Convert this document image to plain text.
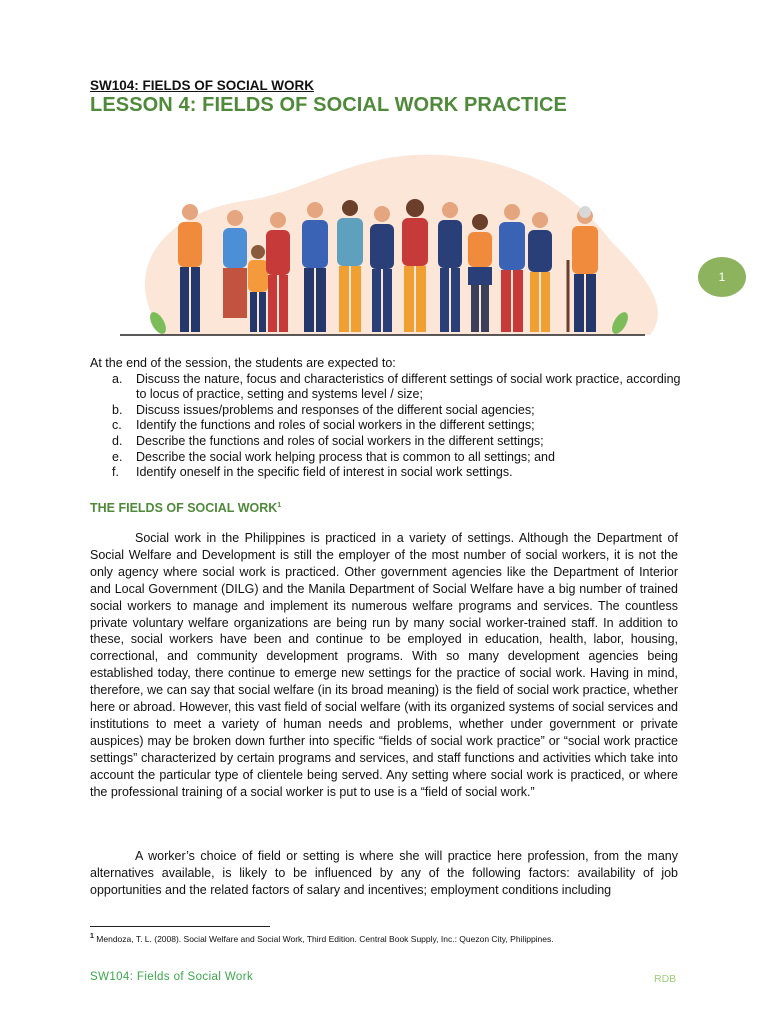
SW104: FIELDS OF SOCIAL WORK
LESSON 4: FIELDS OF SOCIAL WORK PRACTICE
1
At the end of the session, the students are expected to:
a. Discuss the nature, focus and characteristics of different settings of social work practice, according to locus of practice, setting and systems level / size;
b. Discuss issues/problems and responses of the different social agencies;
c. Identify the functions and roles of social workers in the different settings;
d. Describe the functions and roles of social workers in the different settings;
e. Describe the social work helping process that is common to all settings; and
f. Identify oneself in the specific field of interest in social work settings.
THE FIELDS OF SOCIAL WORK$^1$
Social work in the Philippines is practiced in a variety of settings. Although the Department of Social Welfare and Development is still the employer of the most number of social workers, it is not the only agency where social work is practiced. Other government agencies like the Department of Interior and Local Government (DILG) and the Manila Department of Social Welfare have a big number of trained social workers to manage and implement its numerous welfare programs and services. The countless private voluntary welfare organizations are being run by many social worker-trained staff. In addition to these, social workers have been and continue to be employed in education, health, labor, housing, correctional, and community development programs. With so many development agencies being established today, there continue to emerge new settings for the practice of social work. Having in mind, therefore, we can say that social welfare (in its broad meaning) is the field of social work practice, whether here or abroad. However, this vast field of social welfare (with its organized systems of social services and institutions to meet a variety of human needs and problems, whether under government or private auspices) may be broken down further into specific “fields of social work practice” or “social work practice settings” characterized by certain programs and services, and staff functions and activities which take into account the particular type of clientele being served. Any setting where social work is practiced, or where the professional training of a social worker is put to use is a “field of social work.”
A worker’s choice of field or setting is where she will practice here profession, from the many alternatives available, is likely to be influenced by any of the following factors: availability of job opportunities and the related factors of salary and incentives; employment conditions including
$^1$ Mendoza, T. L. (2008). Social Welfare and Social Work, Third Edition. Central Book Supply, Inc.: Quezon City, Philippines.
SW104: Fields of Social Work	RDB
